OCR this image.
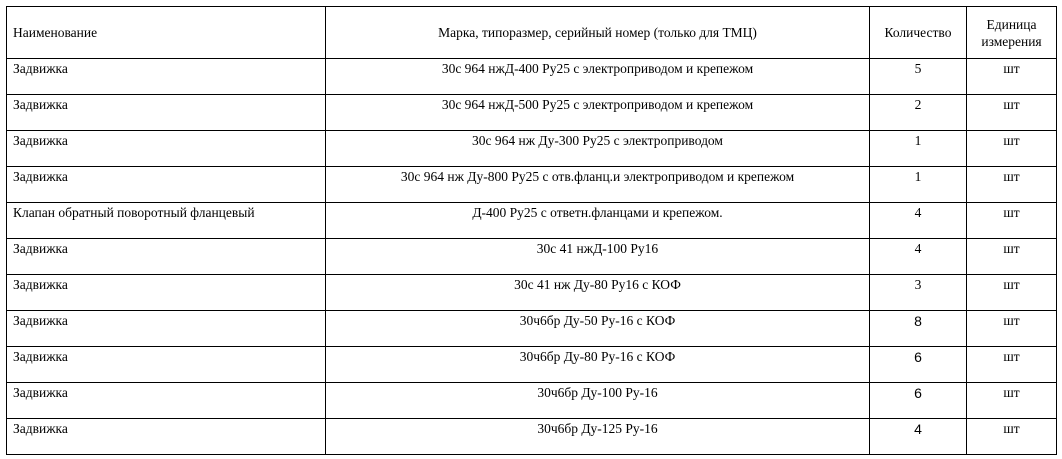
Наименование	Марка, типоразмер, серийный номер (только для ТМЦ)	Количество	Единица измерения
Задвижка	30с 964 нжД-400 Ру25 с электроприводом и крепежом	5	шт
Задвижка	30с 964 нжД-500 Ру25 с электроприводом и крепежом	2	шт
Задвижка	30с 964 нж Ду-300 Ру25 с электроприводом	1	шт
Задвижка	30с 964 нж Ду-800 Ру25 с отв.фланц.и электроприводом и крепежом	1	шт
Клапан обратный поворотный фланцевый	Д-400 Ру25 с ответн.фланцами и крепежом.	4	шт
Задвижка	30с 41 нжД-100 Ру16	4	шт
Задвижка	30с 41 нж Ду-80 Ру16 с КОФ	3	шт
Задвижка	30ч6бр Ду-50 Ру-16 с КОФ	8	шт
Задвижка	30ч6бр Ду-80 Ру-16 с КОФ	6	шт
Задвижка	30ч6бр Ду-100 Ру-16	6	шт
Задвижка	30ч6бр Ду-125 Ру-16	4	шт
